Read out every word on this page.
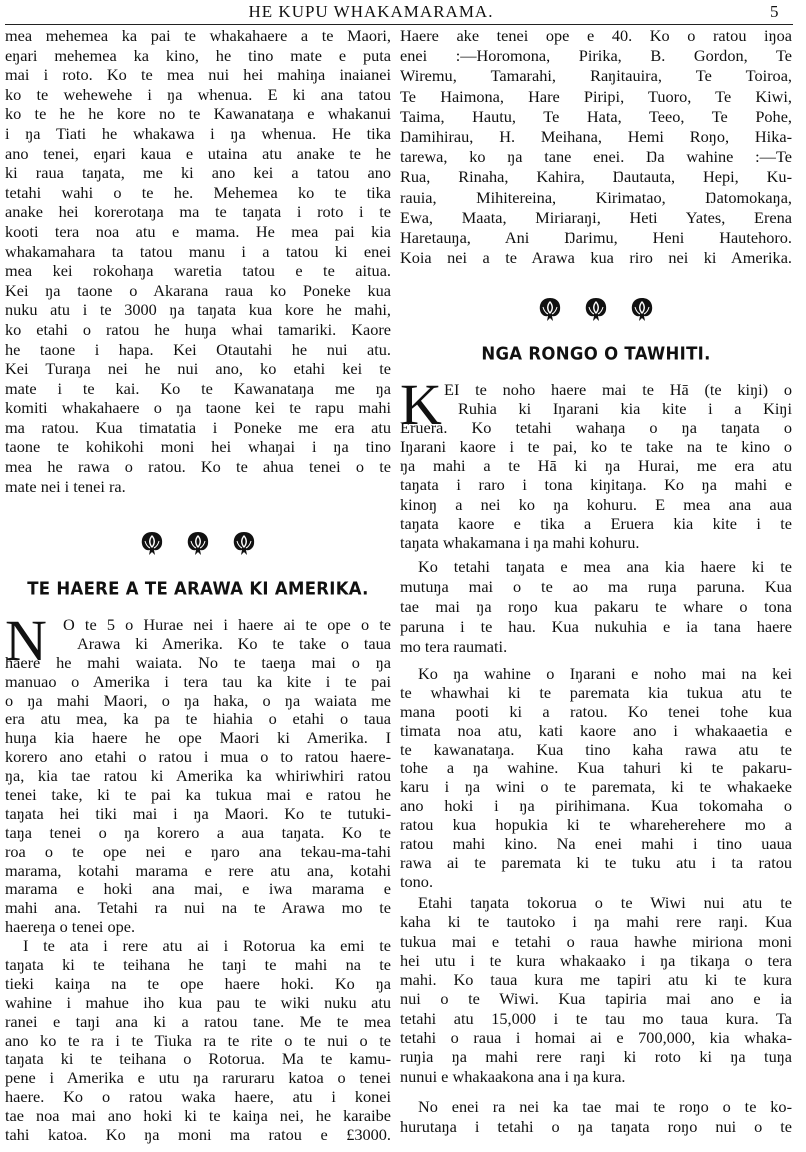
HE KUPU WHAKAMARAMA.	5
mea mehemea ka pai te whakahaere a te Maori,
eŋari mehemea ka kino, he tino mate e puta
mai i roto. Ko te mea nui hei mahiŋa inaianei
ko te wehewehe i ŋa whenua. E ki ana tatou
ko te he he kore no te Kawanataŋa e whakanui
i ŋa Tiati he whakawa i ŋa whenua. He tika
ano tenei, eŋari kaua e utaina atu anake te he
ki raua taŋata, me ki ano kei a tatou ano
tetahi wahi o te he. Mehemea ko te tika
anake hei korerotaŋa ma te taŋata i roto i te
kooti tera noa atu e mama. He mea pai kia
whakamahara ta tatou manu i a tatou ki enei
mea kei rokohaŋa waretia tatou e te aitua.
Kei ŋa taone o Akarana raua ko Poneke kua
nuku atu i te 3000 ŋa taŋata kua kore he mahi,
ko etahi o ratou he huŋa whai tamariki. Kaore
he taone i hapa. Kei Otautahi he nui atu.
Kei Turaŋa nei he nui ano, ko etahi kei te
mate i te kai. Ko te Kawanataŋa me ŋa
komiti whakahaere o ŋa taone kei te rapu mahi
ma ratou. Kua timatatia i Poneke me era atu
taone te kohikohi moni hei whaŋai i ŋa tino
mea he rawa o ratou. Ko te ahua tenei o te
mate nei i tenei ra.
TE HAERE A TE ARAWA KI AMERIKA.
N O te 5 o Hurae nei i haere ai te ope o te
Arawa ki Amerika. Ko te take o taua
haere he mahi waiata. No te taeŋa mai o ŋa
manuao o Amerika i tera tau ka kite i te pai
o ŋa mahi Maori, o ŋa haka, o ŋa waiata me
era atu mea, ka pa te hiahia o etahi o taua
huŋa kia haere he ope Maori ki Amerika. I
korero ano etahi o ratou i mua o to ratou haere-
ŋa, kia tae ratou ki Amerika ka whiriwhiri ratou
tenei take, ki te pai ka tukua mai e ratou he
taŋata hei tiki mai i ŋa Maori. Ko te tutuki-
taŋa tenei o ŋa korero a aua taŋata. Ko te
roa o te ope nei e ŋaro ana tekau-ma-tahi
marama, kotahi marama e rere atu ana, kotahi
marama e hoki ana mai, e iwa marama e
mahi ana. Tetahi ra nui na te Arawa mo te
haereŋa o tenei ope.
I te ata i rere atu ai i Rotorua ka emi te
taŋata ki te teihana he taŋi te mahi na te
tieki kaiŋa na te ope haere hoki. Ko ŋa
wahine i mahue iho kua pau te wiki nuku atu
ranei e taŋi ana ki a ratou tane. Me te mea
ano ko te ra i te Tiuka ra te rite o te nui o te
taŋata ki te teihana o Rotorua. Ma te kamu-
pene i Amerika e utu ŋa raruraru katoa o tenei
haere. Ko o ratou waka haere, atu i konei
tae noa mai ano hoki ki te kaiŋa nei, he karaibe
tahi katoa. Ko ŋa moni ma ratou e £3000.
Haere ake tenei ope e 40. Ko o ratou iŋoa
enei :—Horomona, Pirika, B. Gordon, Te
Wiremu, Tamarahi, Raŋitauira, Te Toiroa,
Te Haimona, Hare Piripi, Tuoro, Te Kiwi,
Taima, Hautu, Te Hata, Teeo, Te Pohe,
Ŋamihirau, H. Meihana, Hemi Roŋo, Hika-
tarewa, ko ŋa tane enei. Ŋa wahine :—Te
Rua, Rinaha, Kahira, Ŋautauta, Hepi, Ku-
rauia, Mihitereina, Kirimatao, Ŋatomokaŋa,
Ewa, Maata, Miriaraŋi, Heti Yates, Erena
Haretauŋa, Ani Ŋarimu, Heni Hautehoro.
Koia nei a te Arawa kua riro nei ki Amerika.
NGA RONGO O TAWHITI.
K EI te noho haere mai te Hā (te kiŋi) o
Ruhia ki Iŋarani kia kite i a Kiŋi
Eruera. Ko tetahi wahaŋa o ŋa taŋata o
Iŋarani kaore i te pai, ko te take na te kino o
ŋa mahi a te Hā ki ŋa Hurai, me era atu
taŋata i raro i tona kiŋitaŋa. Ko ŋa mahi e
kinoŋ a nei ko ŋa kohuru. E mea ana aua
taŋata kaore e tika a Eruera kia kite i te
taŋata whakamana i ŋa mahi kohuru.
Ko tetahi taŋata e mea ana kia haere ki te
mutuŋa mai o te ao ma ruŋa paruna. Kua
tae mai ŋa roŋo kua pakaru te whare o tona
paruna i te hau. Kua nukuhia e ia tana haere
mo tera raumati.
Ko ŋa wahine o Iŋarani e noho mai na kei
te whawhai ki te paremata kia tukua atu te
mana pooti ki a ratou. Ko tenei tohe kua
timata noa atu, kati kaore ano i whakaaetia e
te kawanataŋa. Kua tino kaha rawa atu te
tohe a ŋa wahine. Kua tahuri ki te pakaru-
karu i ŋa wini o te paremata, ki te whakaeke
ano hoki i ŋa pirihimana. Kua tokomaha o
ratou kua hopukia ki te whareherehere mo a
ratou mahi kino. Na enei mahi i tino uaua
rawa ai te paremata ki te tuku atu i ta ratou
tono.
Etahi taŋata tokorua o te Wiwi nui atu te
kaha ki te tautoko i ŋa mahi rere raŋi. Kua
tukua mai e tetahi o raua hawhe miriona moni
hei utu i te kura whakaako i ŋa tikaŋa o tera
mahi. Ko taua kura me tapiri atu ki te kura
nui o te Wiwi. Kua tapiria mai ano e ia
tetahi atu 15,000 i te tau mo taua kura. Ta
tetahi o raua i homai ai e 700,000, kia whaka-
ruŋia ŋa mahi rere raŋi ki roto ki ŋa tuŋa
nunui e whakaakona ana i ŋa kura.
No enei ra nei ka tae mai te roŋo o te ko-
hurutaŋa i tetahi o ŋa taŋata roŋo nui o te
